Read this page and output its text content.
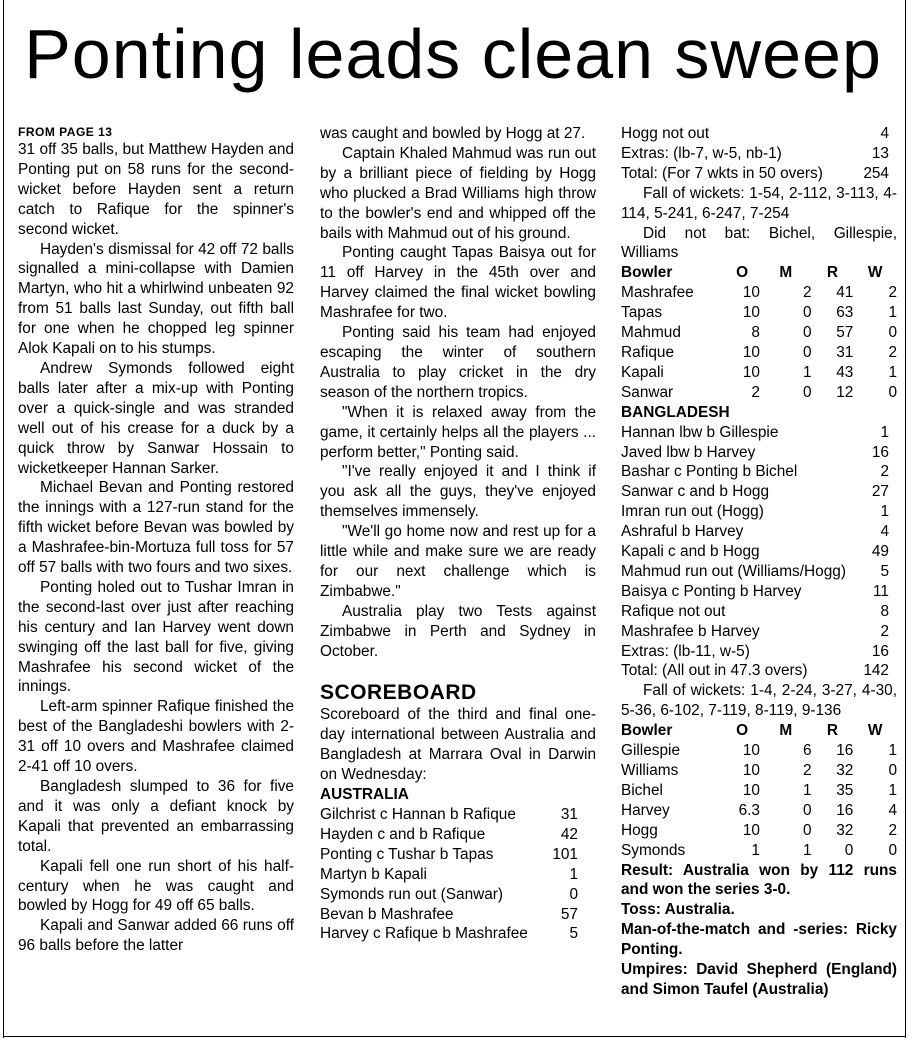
Ponting leads clean sweep
FROM PAGE 13

31 off 35 balls, but Matthew Hayden and Ponting put on 58 runs for the second-wicket before Hayden sent a return catch to Rafique for the spinner's second wicket.

Hayden's dismissal for 42 off 72 balls signalled a mini-collapse with Damien Martyn, who hit a whirlwind unbeaten 92 from 51 balls last Sunday, out fifth ball for one when he chopped leg spinner Alok Kapali on to his stumps.

Andrew Symonds followed eight balls later after a mix-up with Ponting over a quick-single and was stranded well out of his crease for a duck by a quick throw by Sanwar Hossain to wicketkeeper Hannan Sarker.

Michael Bevan and Ponting restored the innings with a 127-run stand for the fifth wicket before Bevan was bowled by a Mashrafee-bin-Mortuza full toss for 57 off 57 balls with two fours and two sixes.

Ponting holed out to Tushar Imran in the second-last over just after reaching his century and Ian Harvey went down swinging off the last ball for five, giving Mashrafee his second wicket of the innings.

Left-arm spinner Rafique finished the best of the Bangladeshi bowlers with 2-31 off 10 overs and Mashrafee claimed 2-41 off 10 overs.

Bangladesh slumped to 36 for five and it was only a defiant knock by Kapali that prevented an embarrassing total.

Kapali fell one run short of his half-century when he was caught and bowled by Hogg for 49 off 65 balls.

Kapali and Sanwar added 66 runs off 96 balls before the latter

was caught and bowled by Hogg at 27.

Captain Khaled Mahmud was run out by a brilliant piece of fielding by Hogg who plucked a Brad Williams high throw to the bowler's end and whipped off the bails with Mahmud out of his ground.

Ponting caught Tapas Baisya out for 11 off Harvey in the 45th over and Harvey claimed the final wicket bowling Mashrafee for two.

Ponting said his team had enjoyed escaping the winter of southern Australia to play cricket in the dry season of the northern tropics.

"When it is relaxed away from the game, it certainly helps all the players ... perform better," Ponting said.

"I've really enjoyed it and I think if you ask all the guys, they've enjoyed themselves immensely.

"We'll go home now and rest up for a little while and make sure we are ready for our next challenge which is Zimbabwe."

Australia play two Tests against Zimbabwe in Perth and Sydney in October.

SCOREBOARD

Scoreboard of the third and final one-day international between Australia and Bangladesh at Marrara Oval in Darwin on Wednesday:

AUSTRALIA
Gilchrist c Hannan b Rafique	31
Hayden c and b Rafique	42
Ponting c Tushar b Tapas	101
Martyn b Kapali	1
Symonds run out (Sanwar)	0
Bevan b Mashrafee	57
Harvey c Rafique b Mashrafee	5
Hogg not out	4
Extras: (lb-7, w-5, nb-1)	13
Total: (For 7 wkts in 50 overs)	254

Fall of wickets: 1-54, 2-112, 3-113, 4-114, 5-241, 6-247, 7-254

Did not bat: Bichel, Gillespie, Williams

Bowler	O	M	R	W
Mashrafee	10	2	41	2
Tapas	10	0	63	1
Mahmud	8	0	57	0
Rafique	10	0	31	2
Kapali	10	1	43	1
Sanwar	2	0	12	0
BANGLADESH
Hannan lbw b Gillespie	1
Javed lbw b Harvey	16
Bashar c Ponting b Bichel	2
Sanwar c and b Hogg	27
Imran run out (Hogg)	1
Ashraful b Harvey	4
Kapali c and b Hogg	49
Mahmud run out (Williams/Hogg)	5
Baisya c Ponting b Harvey	11
Rafique not out	8
Mashrafee b Harvey	2
Extras: (lb-11, w-5)	16
Total: (All out in 47.3 overs)	142

Fall of wickets: 1-4, 2-24, 3-27, 4-30, 5-36, 6-102, 7-119, 8-119, 9-136

Bowler	O	M	R	W
Gillespie	10	6	16	1
Williams	10	2	32	0
Bichel	10	1	35	1
Harvey	6.3	0	16	4
Hogg	10	0	32	2
Symonds	1	1	0	0

Result: Australia won by 112 runs and won the series 3-0.

Toss: Australia.

Man-of-the-match and -series: Ricky Ponting.

Umpires: David Shepherd (England) and Simon Taufel (Australia)
